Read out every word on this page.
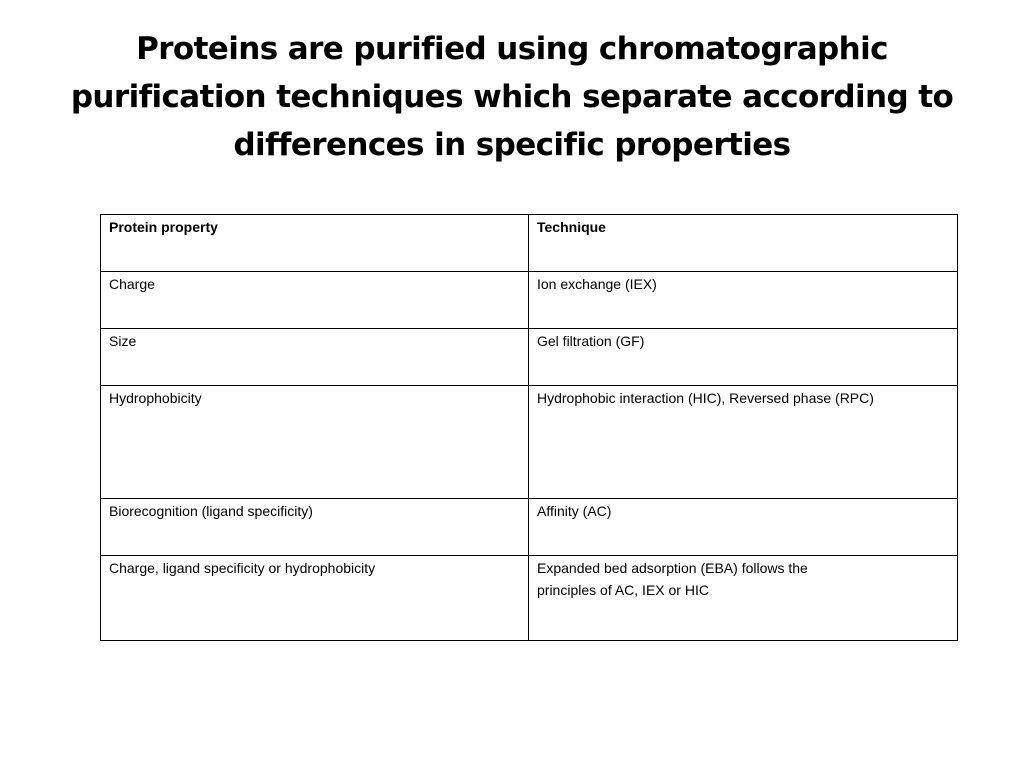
Proteins are purified using chromatographic
purification techniques which separate according to
differences in specific properties
Protein property	Technique
Charge	Ion exchange (IEX)

Size	Gel filtration (GF)

Hydrophobicity	Hydrophobic interaction (HIC), Reversed phase (RPC)

Biorecognition (ligand specificity)	Affinity (AC)

Charge, ligand specificity or hydrophobicity	Expanded bed adsorption (EBA) follows the
principles of AC, IEX or HIC
